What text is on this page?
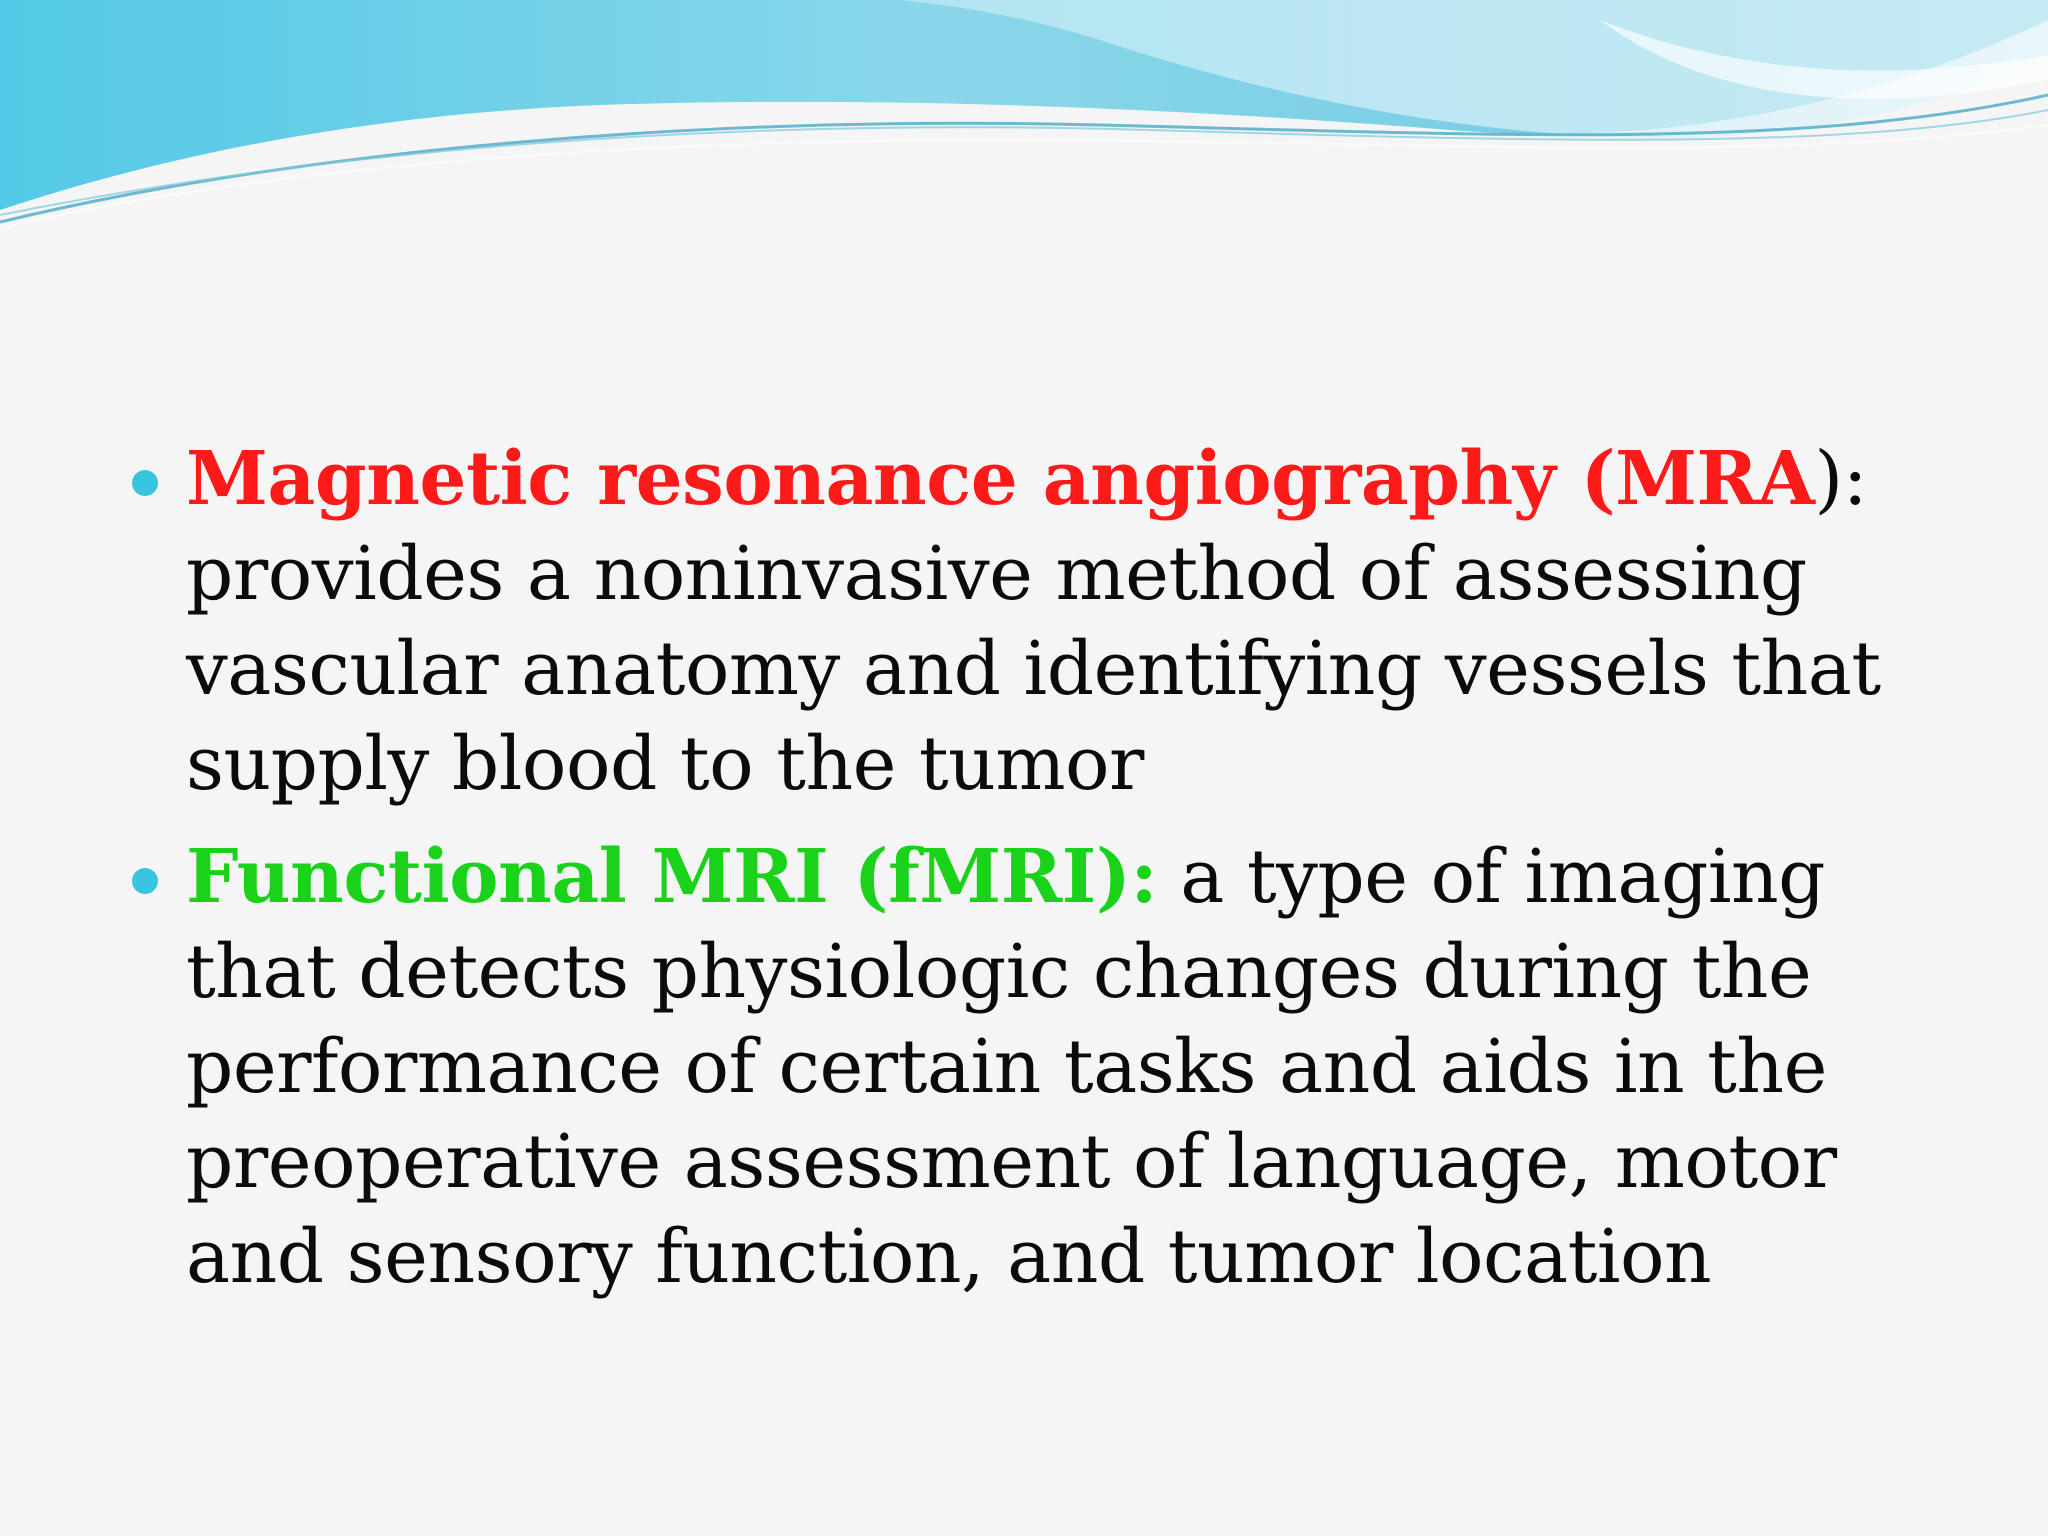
Magnetic resonance angiography (MRA): provides a noninvasive method of assessing vascular anatomy and identifying vessels that supply blood to the tumor
Functional MRI (fMRI): a type of imaging that detects physiologic changes during the performance of certain tasks and aids in the preoperative assessment of language, motor and sensory function, and tumor location
